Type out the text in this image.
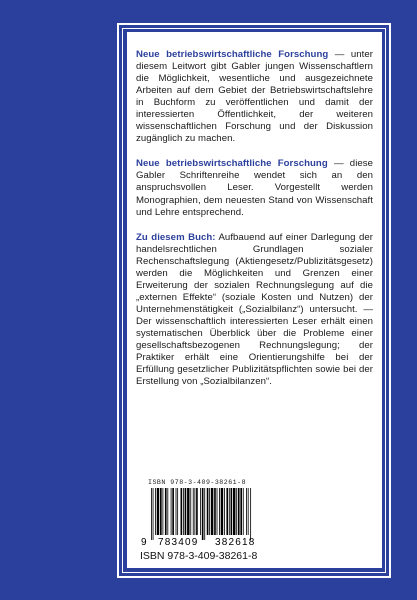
Neue betriebswirtschaftliche Forschung — unter diesem Leitwort gibt Gabler jungen Wissenschaftlern die Möglichkeit, wesentliche und ausgezeichnete Arbeiten auf dem Gebiet der Betriebswirtschaftslehre in Buchform zu veröffentlichen und damit der interessierten Öffentlichkeit, der weiteren wissenschaftlichen Forschung und der Diskussion zugänglich zu machen.

Neue betriebswirtschaftliche Forschung — diese Gabler Schriftenreihe wendet sich an den anspruchsvollen Leser. Vorgestellt werden Monographien, dem neuesten Stand von Wissenschaft und Lehre entsprechend.

Zu diesem Buch: Aufbauend auf einer Darlegung der handelsrechtlichen Grundlagen sozialer Rechenschaftslegung (Aktiengesetz/Publizitätsgesetz) werden die Möglichkeiten und Grenzen einer Erweiterung der sozialen Rechnungslegung auf die „externen Effekte“ (soziale Kosten und Nutzen) der Unternehmenstätigkeit („Sozialbilanz“) untersucht. — Der wissenschaftlich interessierten Leser erhält einen systematischen Überblick über die Probleme einer gesellschaftsbezogenen Rechnungslegung; der Praktiker erhält eine Orientierungshilfe bei der Erfüllung gesetzlicher Publizitätspflichten sowie bei der Erstellung von „Sozialbilanzen“.

ISBN 978-3-409-38261-8
9 783409 382618
ISBN 978-3-409-38261-8
